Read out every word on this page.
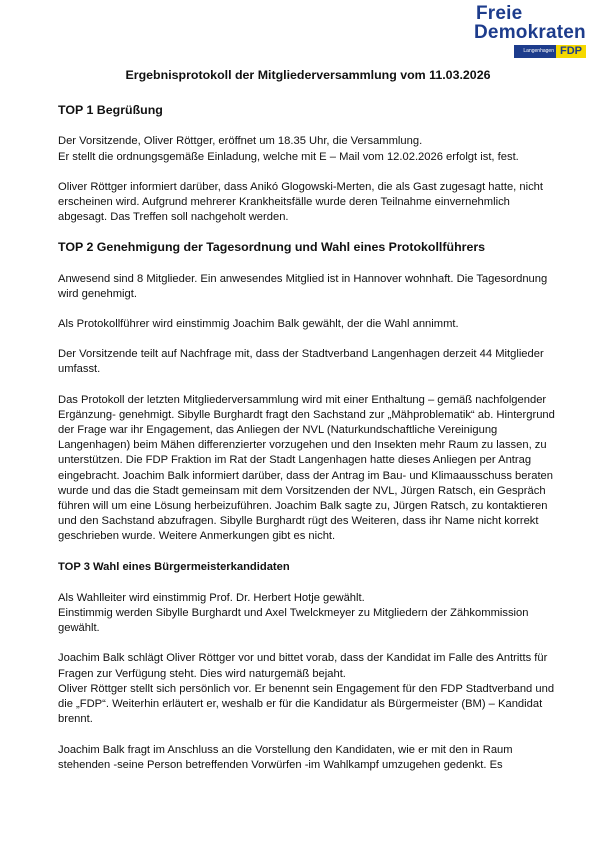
Freie
Demokraten
Langenhagen FDP
Ergebnisprotokoll der Mitgliederversammlung vom 11.03.2026
TOP 1 Begrüßung

Der Vorsitzende, Oliver Röttger, eröffnet um 18.35 Uhr, die Versammlung.
Er stellt die ordnungsgemäße Einladung, welche mit E – Mail vom 12.02.2026 erfolgt ist, fest.

Oliver Röttger informiert darüber, dass Anikó Glogowski-Merten, die als Gast zugesagt hatte, nicht erscheinen wird. Aufgrund mehrerer Krankheitsfälle wurde deren Teilnahme einvernehmlich abgesagt. Das Treffen soll nachgeholt werden.

TOP 2 Genehmigung der Tagesordnung und Wahl eines Protokollführers

Anwesend sind 8 Mitglieder. Ein anwesendes Mitglied ist in Hannover wohnhaft. Die Tagesordnung wird genehmigt.

Als Protokollführer wird einstimmig Joachim Balk gewählt, der die Wahl annimmt.

Der Vorsitzende teilt auf Nachfrage mit, dass der Stadtverband Langenhagen derzeit 44 Mitglieder umfasst.

Das Protokoll der letzten Mitgliederversammlung wird mit einer Enthaltung – gemäß nachfolgender Ergänzung- genehmigt. Sibylle Burghardt fragt den Sachstand zur „Mähproblematik“ ab. Hintergrund der Frage war ihr Engagement, das Anliegen der NVL (Naturkundschaftliche Vereinigung Langenhagen) beim Mähen differenzierter vorzugehen und den Insekten mehr Raum zu lassen, zu unterstützen. Die FDP Fraktion im Rat der Stadt Langenhagen hatte dieses Anliegen per Antrag eingebracht. Joachim Balk informiert darüber, dass der Antrag im Bau- und Klimaausschuss beraten wurde und das die Stadt gemeinsam mit dem Vorsitzenden der NVL, Jürgen Ratsch, ein Gespräch führen will um eine Lösung herbeizuführen. Joachim Balk sagte zu, Jürgen Ratsch, zu kontaktieren und den Sachstand abzufragen. Sibylle Burghardt rügt des Weiteren, dass ihr Name nicht korrekt geschrieben wurde. Weitere Anmerkungen gibt es nicht.

TOP 3 Wahl eines Bürgermeisterkandidaten

Als Wahlleiter wird einstimmig Prof. Dr. Herbert Hotje gewählt.
Einstimmig werden Sibylle Burghardt und Axel Twelckmeyer zu Mitgliedern der Zähkommission gewählt.

Joachim Balk schlägt Oliver Röttger vor und bittet vorab, dass der Kandidat im Falle des Antritts für Fragen zur Verfügung steht. Dies wird naturgemäß bejaht.
Oliver Röttger stellt sich persönlich vor. Er benennt sein Engagement für den FDP Stadtverband und die „FDP“. Weiterhin erläutert er, weshalb er für die Kandidatur als Bürgermeister (BM) – Kandidat brennt.

Joachim Balk fragt im Anschluss an die Vorstellung den Kandidaten, wie er mit den in Raum stehenden -seine Person betreffenden Vorwürfen -im Wahlkampf umzugehen gedenkt. Es
